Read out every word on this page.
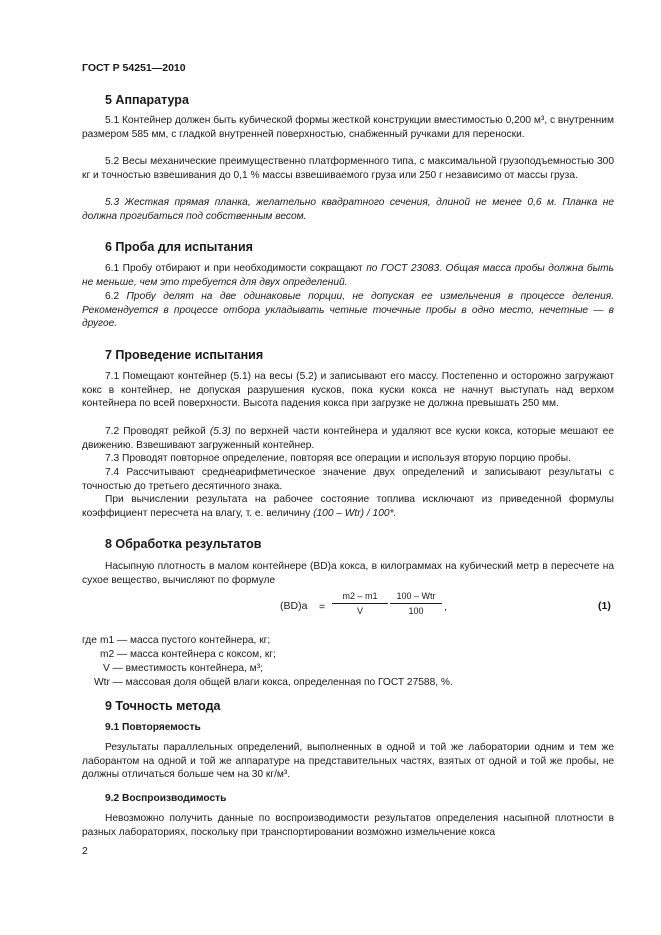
ГОСТ Р 54251—2010
5 Аппаратура

5.1 Контейнер должен быть кубической формы жесткой конструкции вместимостью 0,200 м³, с внутренним размером 585 мм, с гладкой внутренней поверхностью, снабженный ручками для переноски.

5.2 Весы механические преимущественно платформенного типа, с максимальной грузоподъемностью 300 кг и точностью взвешивания до 0,1 % массы взвешиваемого груза или 250 г независимо от массы груза.

5.3 Жесткая прямая планка, желательно квадратного сечения, длиной не менее 0,6 м. Планка не должна прогибаться под собственным весом.

6 Проба для испытания

6.1 Пробу отбирают и при необходимости сокращают по ГОСТ 23083. Общая масса пробы должна быть не меньше, чем это требуется для двух определений.

6.2 Пробу делят на две одинаковые порции, не допуская ее измельчения в процессе деления. Рекомендуется в процессе отбора укладывать четные точечные пробы в одно место, нечетные — в другое.

7 Проведение испытания

7.1 Помещают контейнер (5.1) на весы (5.2) и записывают его массу. Постепенно и осторожно загружают кокс в контейнер, не допуская разрушения кусков, пока куски кокса не начнут выступать над верхом контейнера по всей поверхности. Высота падения кокса при загрузке не должна превышать 250 мм.

7.2 Проводят рейкой (5.3) по верхней части контейнера и удаляют все куски кокса, которые мешают ее движению. Взвешивают загруженный контейнер.

7.3 Проводят повторное определение, повторяя все операции и используя вторую порцию пробы.

7.4 Рассчитывают среднеарифметическое значение двух определений и записывают результаты с точностью до третьего десятичного знака.

При вычислении результата на рабочее состояние топлива исключают из приведенной формулы коэффициент пересчета на влагу, т. е. величину (100 – Wtr) / 100*.

8 Обработка результатов

Насыпную плотность в малом контейнере (BD)a кокса, в килограммах на кубический метр в пересчете на сухое вещество, вычисляют по формуле

$(BD)a = \frac{m2 - m1}{V} 100$ – Wtr
100	,	(1)
где m1 — масса пустого контейнера, кг;
m2 — масса контейнера с коксом, кг;
V — вместимость контейнера, м³;
Wtr — массовая доля общей влаги кокса, определенная по ГОСТ 27588, %.
9 Точность метода
9.1 Повторяемость

Результаты параллельных определений, выполненных в одной и той же лаборатории одним и тем же лаборантом на одной и той же аппаратуре на представительных частях, взятых от одной и той же пробы, не должны отличаться больше чем на 30 кг/м³.

9.2 Воспроизводимость

Невозможно получить данные по воспроизводимости результатов определения насыпной плотности в разных лабораториях, поскольку при транспортировании возможно измельчение кокса

2
